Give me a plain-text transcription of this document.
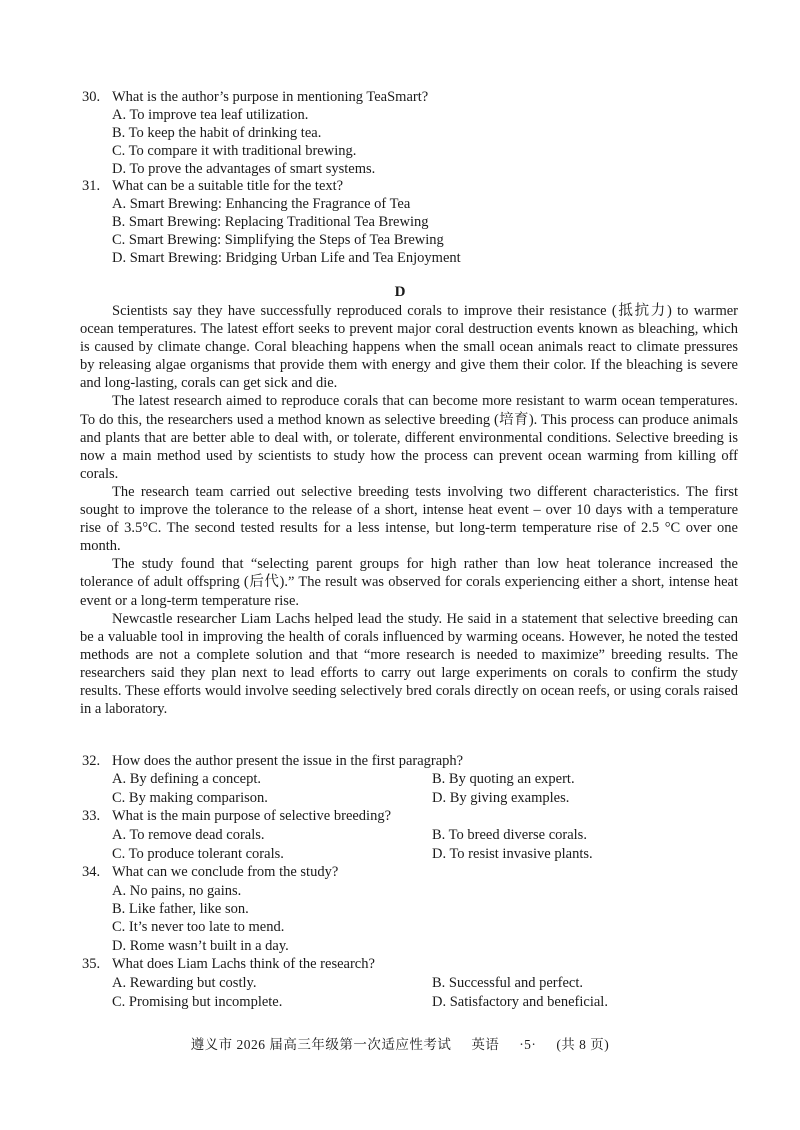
30. What is the author’s purpose in mentioning TeaSmart?
A. To improve tea leaf utilization.
B. To keep the habit of drinking tea.
C. To compare it with traditional brewing.
D. To prove the advantages of smart systems.
31. What can be a suitable title for the text?
A. Smart Brewing: Enhancing the Fragrance of Tea
B. Smart Brewing: Replacing Traditional Tea Brewing
C. Smart Brewing: Simplifying the Steps of Tea Brewing
D. Smart Brewing: Bridging Urban Life and Tea Enjoyment
D

Scientists say they have successfully reproduced corals to improve their resistance (抵抗力) to warmer ocean temperatures. The latest effort seeks to prevent major coral destruction events known as bleaching, which is caused by climate change. Coral bleaching happens when the small ocean animals react to climate pressures by releasing algae organisms that provide them with energy and give them their color. If the bleaching is severe and long-lasting, corals can get sick and die.

The latest research aimed to reproduce corals that can become more resistant to warm ocean temperatures. To do this, the researchers used a method known as selective breeding (培育). This process can produce animals and plants that are better able to deal with, or tolerate, different environmental conditions. Selective breeding is now a main method used by scientists to study how the process can prevent ocean warming from killing off corals.

The research team carried out selective breeding tests involving two different characteristics. The first sought to improve the tolerance to the release of a short, intense heat event – over 10 days with a temperature rise of 3.5°C. The second tested results for a less intense, but long-term temperature rise of 2.5 °C over one month.

The study found that “selecting parent groups for high rather than low heat tolerance increased the tolerance of adult offspring (后代).” The result was observed for corals experiencing either a short, intense heat event or a long-term temperature rise.

Newcastle researcher Liam Lachs helped lead the study. He said in a statement that selective breeding can be a valuable tool in improving the health of corals influenced by warming oceans. However, he noted the tested methods are not a complete solution and that “more research is needed to maximize” breeding results. The researchers said they plan next to lead efforts to carry out large experiments on corals to confirm the study results. These efforts would involve seeding selectively bred corals directly on ocean reefs, or using corals raised in a laboratory.

32. How does the author present the issue in the first paragraph?
A. By defining a concept.	B. By quoting an expert.
C. By making comparison.	D. By giving examples.
33. What is the main purpose of selective breeding?
A. To remove dead corals.	B. To breed diverse corals.
C. To produce tolerant corals.	D. To resist invasive plants.
34. What can we conclude from the study?
A. No pains, no gains.
B. Like father, like son.
C. It’s never too late to mend.
D. Rome wasn’t built in a day.
35. What does Liam Lachs think of the research?
A. Rewarding but costly.	B. Successful and perfect.
C. Promising but incomplete.	D. Satisfactory and beneficial.
遵义市 2026 届高三年级第一次适应性考试 英语 ·5· (共 8 页)
